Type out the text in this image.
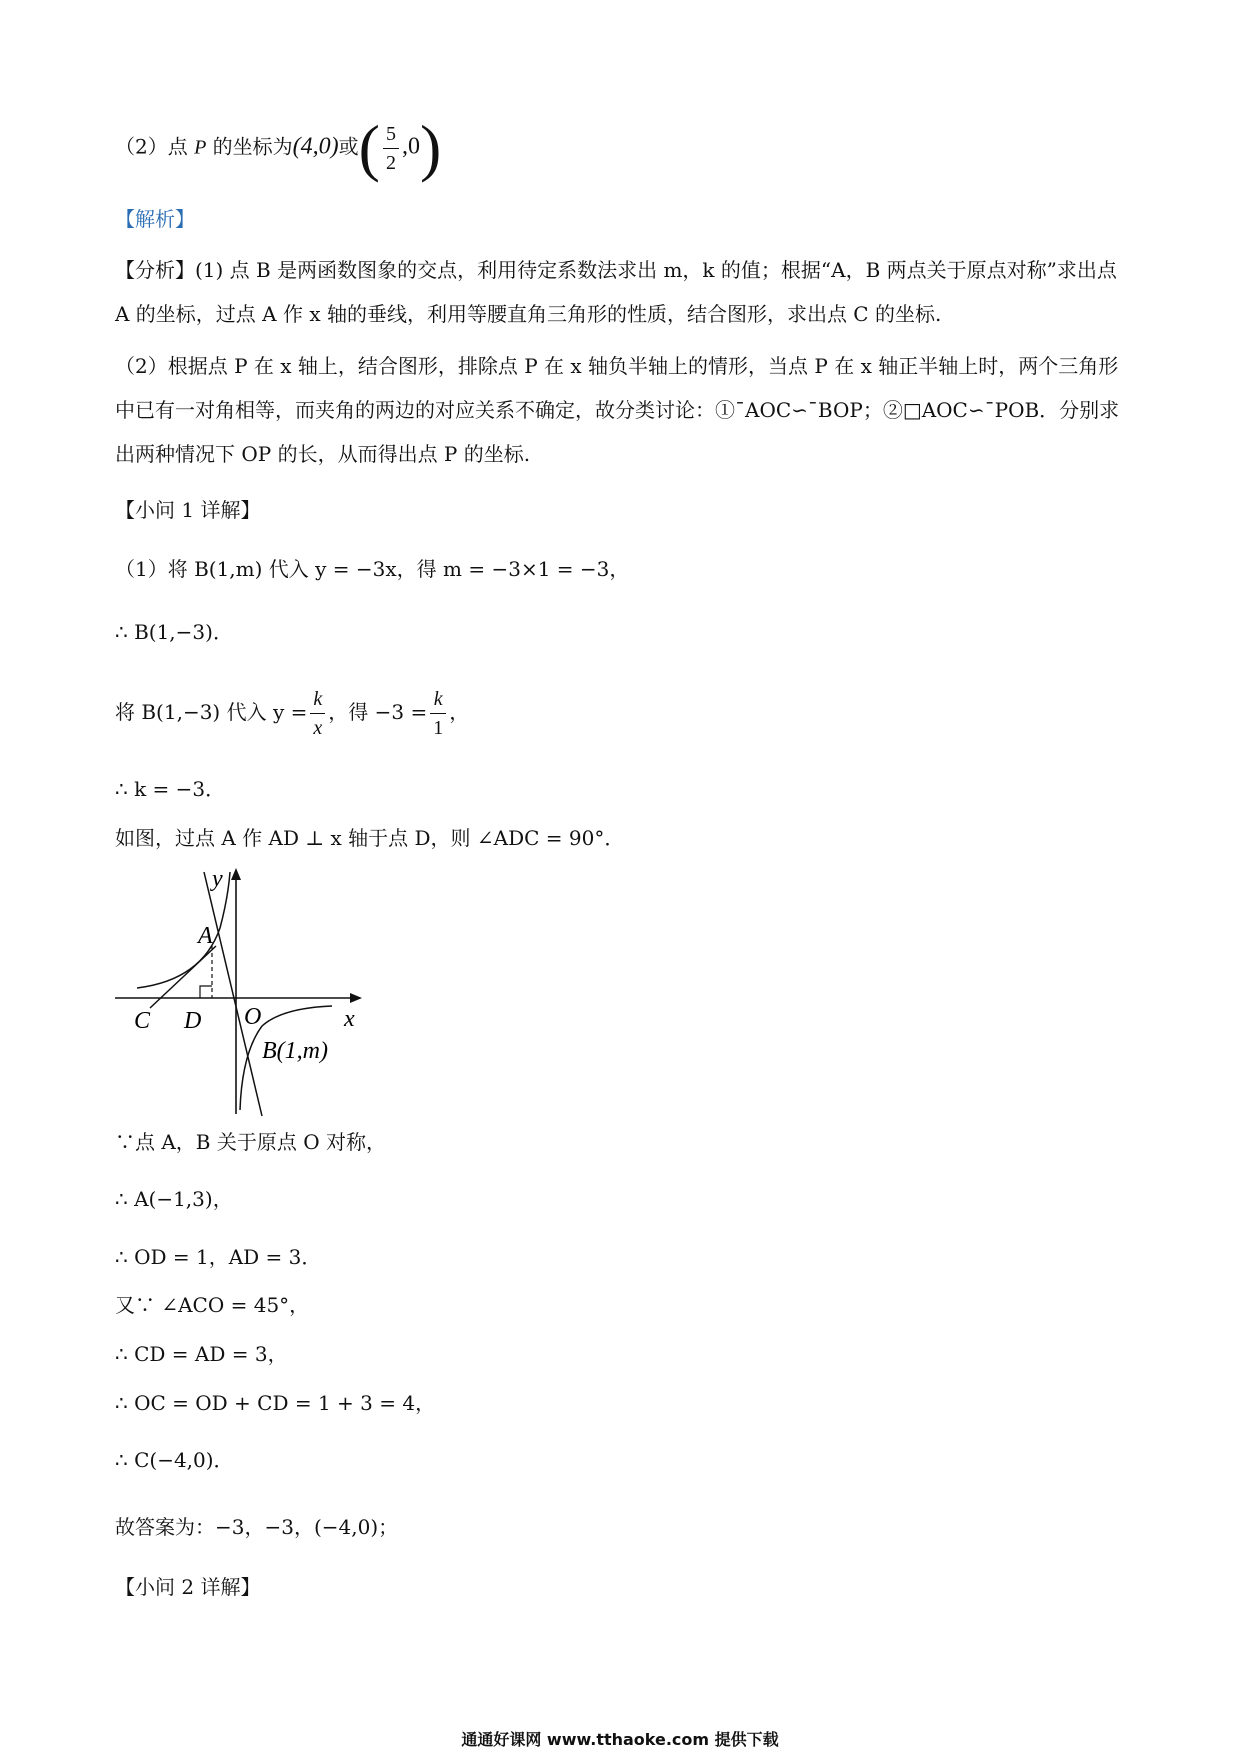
（2）点 P 的坐标为(4,0)或( $\frac{5}{2} ,0$)
【解析】
【分析】(1) 点 B 是两函数图象的交点，利用待定系数法求出 m，k 的值；根据“A，B 两点关于原点对称”求出点 A 的坐标，过点 A 作 x 轴的垂线，利用等腰直角三角形的性质，结合图形，求出点 C 的坐标.
（2）根据点 P 在 x 轴上，结合图形，排除点 P 在 x 轴负半轴上的情形，当点 P 在 x 轴正半轴上时，两个三角形中已有一对角相等，而夹角的两边的对应关系不确定，故分类讨论：①¯AOC∽¯BOP；②□AOC∽¯POB．分别求出两种情况下 OP 的长，从而得出点 P 的坐标.
【小问 1 详解】
（1）将 B(1,m) 代入 y = −3x，得 m = −3×1 = −3，
∴ B(1,−3)．
将 B(1,−3) 代入 $y = \frac{k}{x}$ ，得 $-3 = \frac{k}{1}$ ，
∴ k = −3．
如图，过点 A 作 AD ⊥ x 轴于点 D，则 ∠ADC = 90°．
y
x
A
C D O
B(1,m)
∵点 A，B 关于原点 O 对称，
∴ A(−1,3)，
∴ OD = 1，AD = 3．
又∵ ∠ACO = 45°，
∴ CD = AD = 3，
∴ OC = OD + CD = 1 + 3 = 4，
∴ C(−4,0)．
故答案为：−3，−3，(−4,0)；
【小问 2 详解】
通通好课网 www.tthaoke.com 提供下载
